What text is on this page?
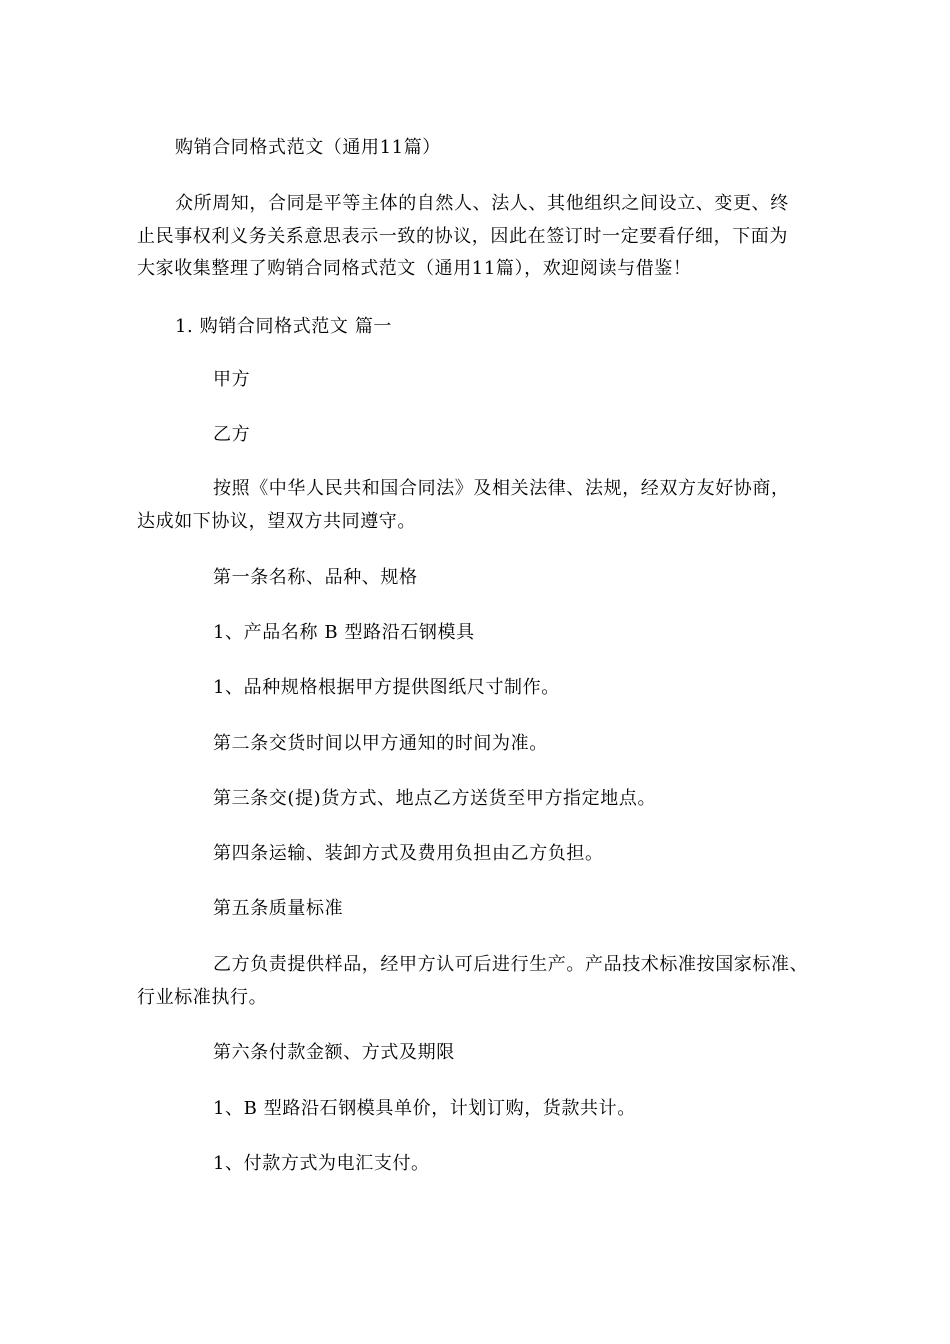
购销合同格式范文（通用11篇）
众所周知，合同是平等主体的自然人、法人、其他组织之间设立、变更、终
止民事权利义务关系意思表示一致的协议，因此在签订时一定要看仔细，下面为
大家收集整理了购销合同格式范文（通用11篇），欢迎阅读与借鉴！
1. 购销合同格式范文 篇一
甲方
乙方
按照《中华人民共和国合同法》及相关法律、法规，经双方友好协商，
达成如下协议，望双方共同遵守。
第一条名称、品种、规格
1、产品名称 B 型路沿石钢模具
1、品种规格根据甲方提供图纸尺寸制作。
第二条交货时间以甲方通知的时间为准。
第三条交(提)货方式、地点乙方送货至甲方指定地点。
第四条运输、装卸方式及费用负担由乙方负担。
第五条质量标准
乙方负责提供样品，经甲方认可后进行生产。产品技术标准按国家标准、
行业标准执行。
第六条付款金额、方式及期限
1、B 型路沿石钢模具单价，计划订购，货款共计。
1、付款方式为电汇支付。
